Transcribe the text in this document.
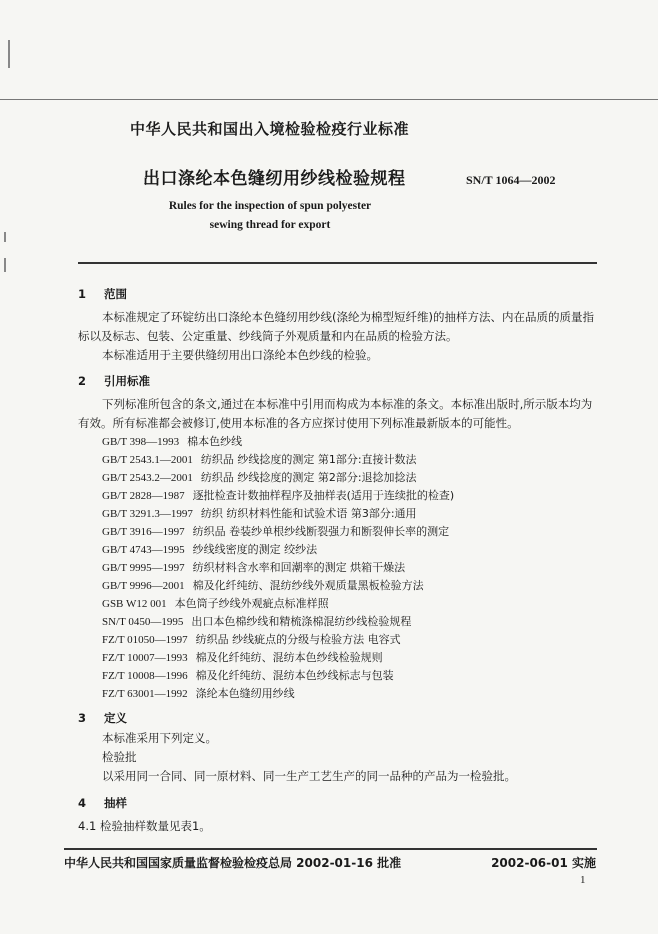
中华人民共和国出入境检验检疫行业标准
出口涤纶本色缝纫用纱线检验规程	SN/T 1064—2002
Rules for the inspection of spun polyester
sewing thread for export
1 范围
本标准规定了环锭纺出口涤纶本色缝纫用纱线(涤纶为棉型短纤维)的抽样方法、内在品质的质量指标以及标志、包装、公定重量、纱线筒子外观质量和内在品质的检验方法。
本标准适用于主要供缝纫用出口涤纶本色纱线的检验。
2 引用标准
下列标准所包含的条文,通过在本标准中引用而构成为本标准的条文。本标准出版时,所示版本均为有效。所有标准都会被修订,使用本标准的各方应探讨使用下列标准最新版本的可能性。
GB/T 398—1993 棉本色纱线
GB/T 2543.1—2001 纺织品 纱线捻度的测定 第1部分:直接计数法
GB/T 2543.2—2001 纺织品 纱线捻度的测定 第2部分:退捻加捻法
GB/T 2828—1987 逐批检查计数抽样程序及抽样表(适用于连续批的检查)
GB/T 3291.3—1997 纺织 纺织材料性能和试验术语 第3部分:通用
GB/T 3916—1997 纺织品 卷装纱单根纱线断裂强力和断裂伸长率的测定
GB/T 4743—1995 纱线线密度的测定 绞纱法
GB/T 9995—1997 纺织材料含水率和回潮率的测定 烘箱干燥法
GB/T 9996—2001 棉及化纤纯纺、混纺纱线外观质量黑板检验方法
GSB W12 001 本色筒子纱线外观疵点标准样照
SN/T 0450—1995 出口本色棉纱线和精梳涤棉混纺纱线检验规程
FZ/T 01050—1997 纺织品 纱线疵点的分级与检验方法 电容式
FZ/T 10007—1993 棉及化纤纯纺、混纺本色纱线检验规则
FZ/T 10008—1996 棉及化纤纯纺、混纺本色纱线标志与包装
FZ/T 63001—1992 涤纶本色缝纫用纱线
3 定义
本标准采用下列定义。
检验批
以采用同一合同、同一原材料、同一生产工艺生产的同一品种的产品为一检验批。
4 抽样
4.1 检验抽样数量见表1。
中华人民共和国国家质量监督检验检疫总局 2002-01-16 批准	2002-06-01 实施
1
